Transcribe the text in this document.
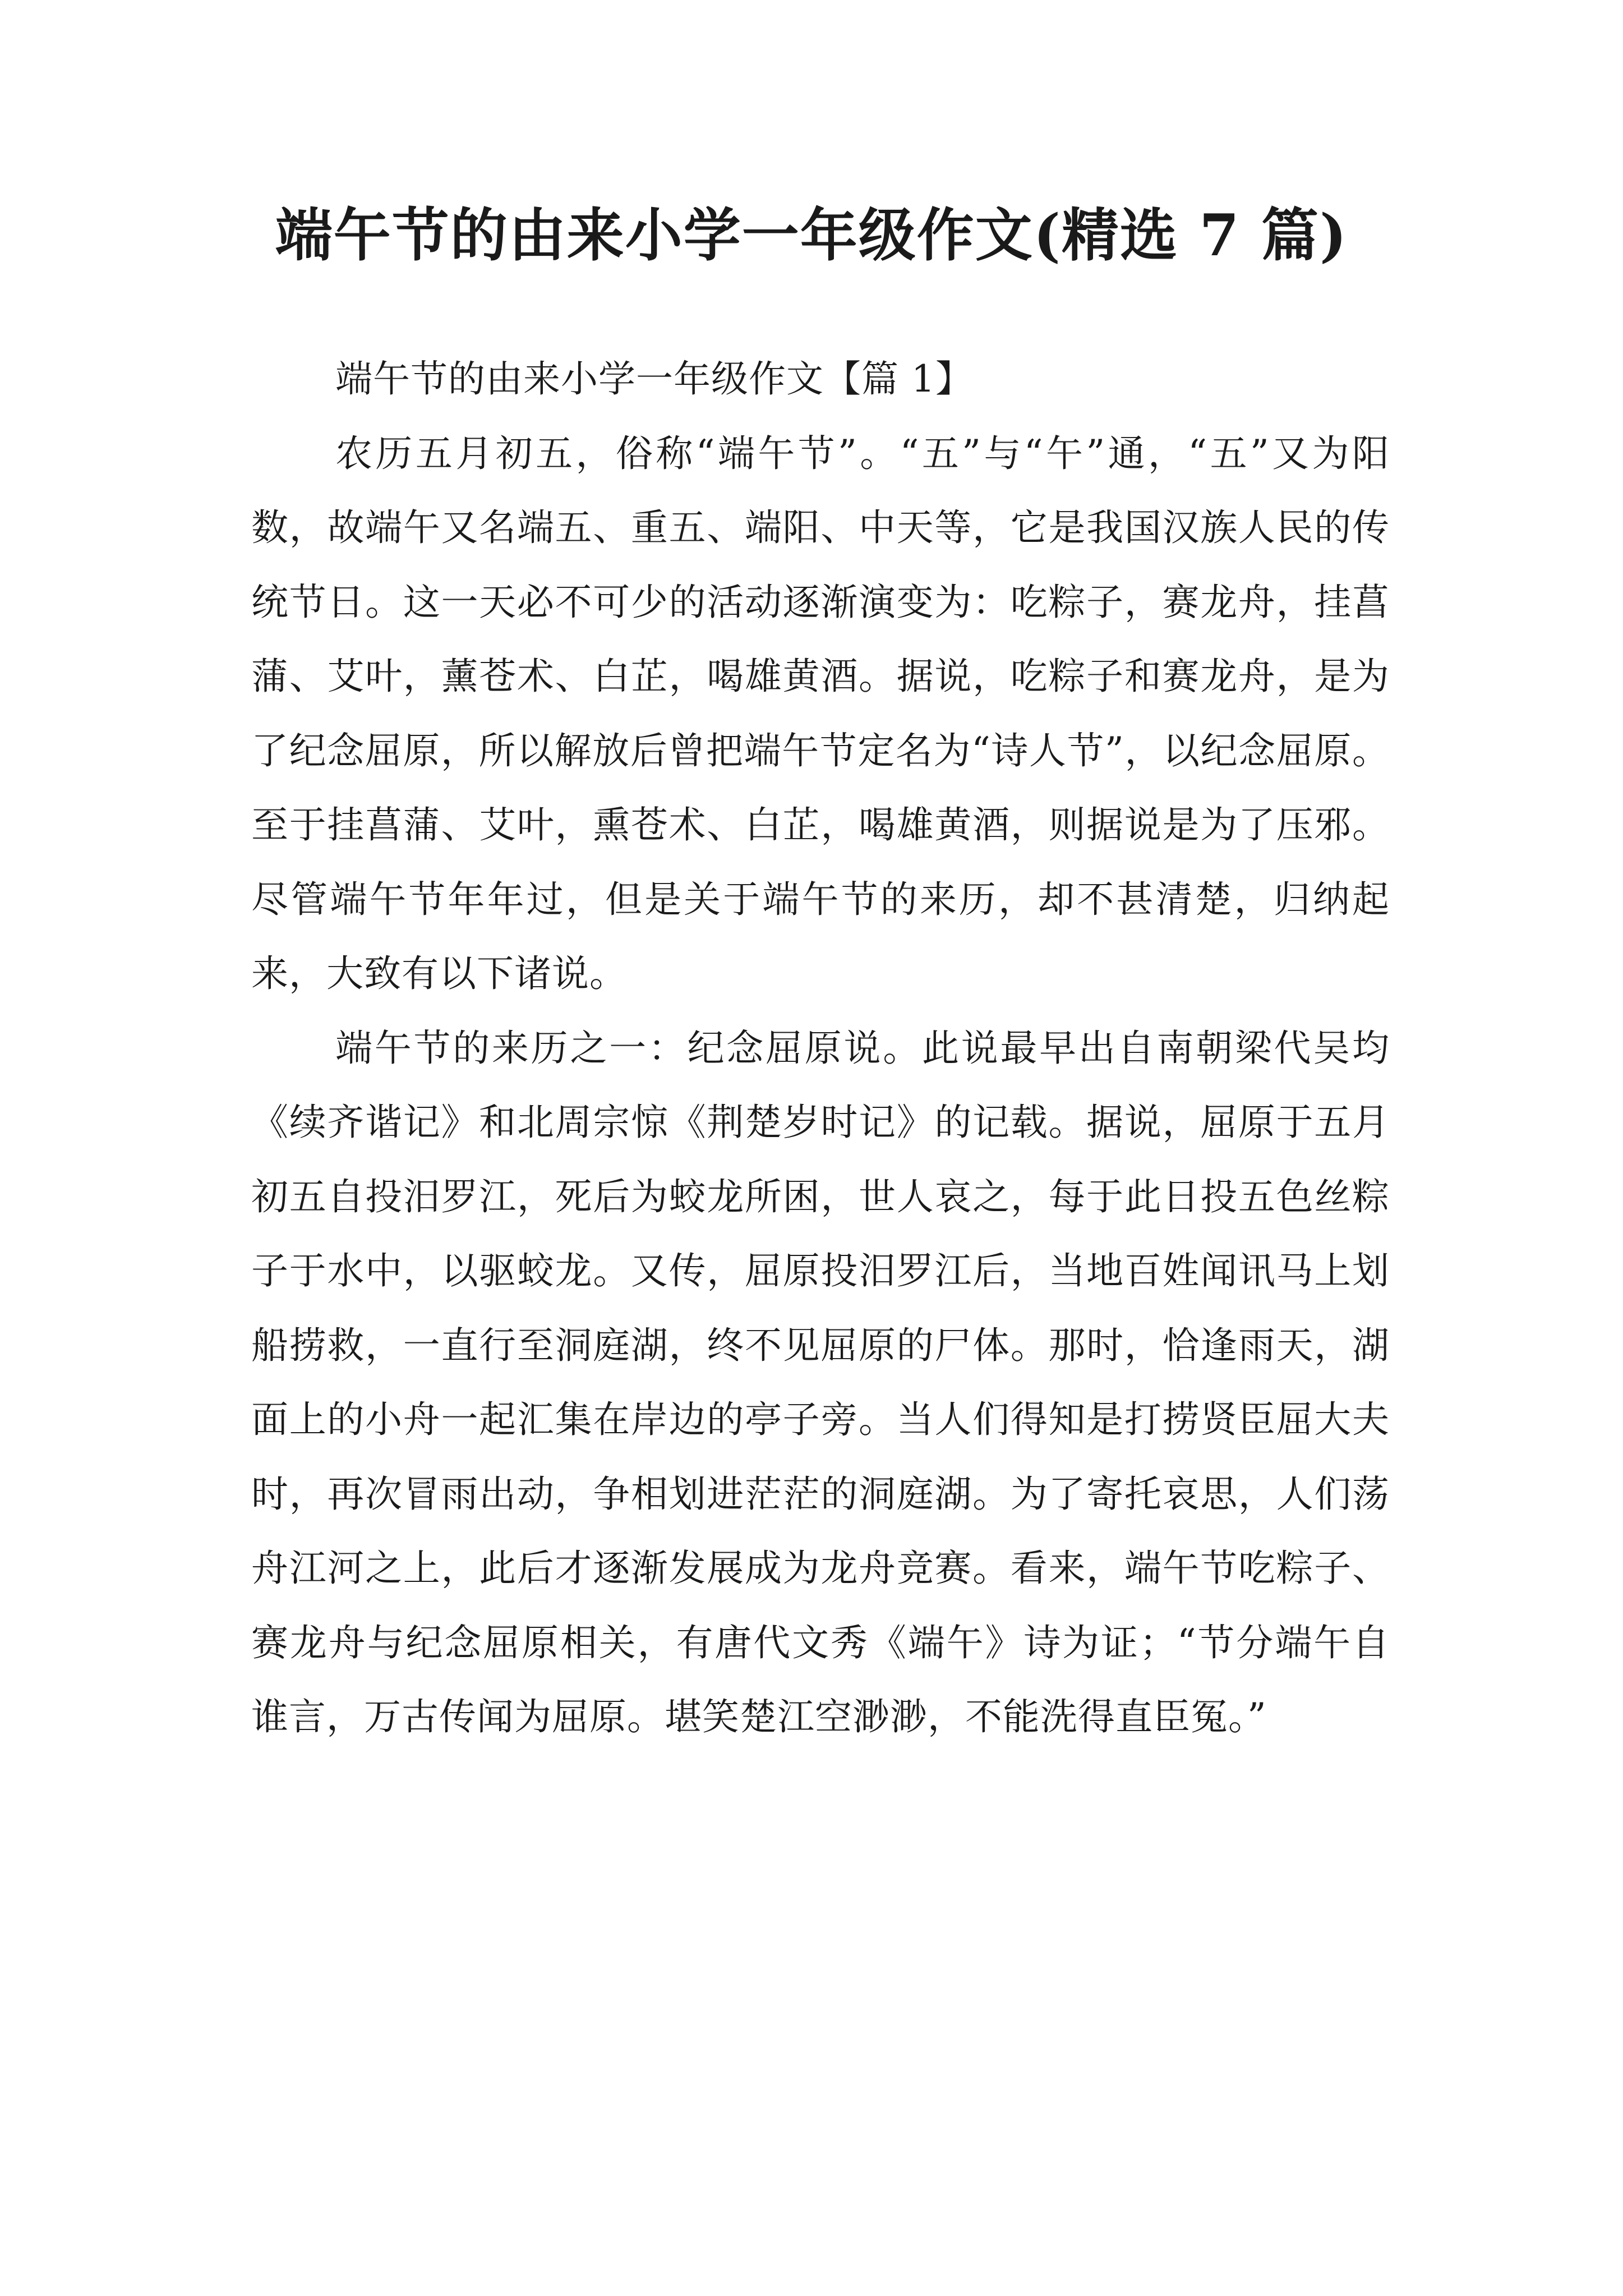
端午节的由来小学一年级作文(精选 7 篇)

端午节的由来小学一年级作文【篇 1】

农历五月初五，俗称“端午节”。“五”与“午”通，“五”又为阳数，故端午又名端五、重五、端阳、中天等，它是我国汉族人民的传统节日。这一天必不可少的活动逐渐演变为：吃粽子，赛龙舟，挂菖蒲、艾叶，薰苍术、白芷，喝雄黄酒。据说，吃粽子和赛龙舟，是为了纪念屈原，所以解放后曾把端午节定名为“诗人节”，以纪念屈原。至于挂菖蒲、艾叶，熏苍术、白芷，喝雄黄酒，则据说是为了压邪。尽管端午节年年过，但是关于端午节的来历，却不甚清楚，归纳起来，大致有以下诸说。

端午节的来历之一：纪念屈原说。此说最早出自南朝梁代吴均《续齐谐记》和北周宗惊《荆楚岁时记》的记载。据说，屈原于五月初五自投汨罗江，死后为蛟龙所困，世人哀之，每于此日投五色丝粽子于水中，以驱蛟龙。又传，屈原投汨罗江后，当地百姓闻讯马上划船捞救，一直行至洞庭湖，终不见屈原的尸体。那时，恰逢雨天，湖面上的小舟一起汇集在岸边的亭子旁。当人们得知是打捞贤臣屈大夫时，再次冒雨出动，争相划进茫茫的洞庭湖。为了寄托哀思，人们荡舟江河之上，此后才逐渐发展成为龙舟竞赛。看来，端午节吃粽子、赛龙舟与纪念屈原相关，有唐代文秀《端午》诗为证；“节分端午自谁言，万古传闻为屈原。堪笑楚江空渺渺，不能洗得直臣冤。”
